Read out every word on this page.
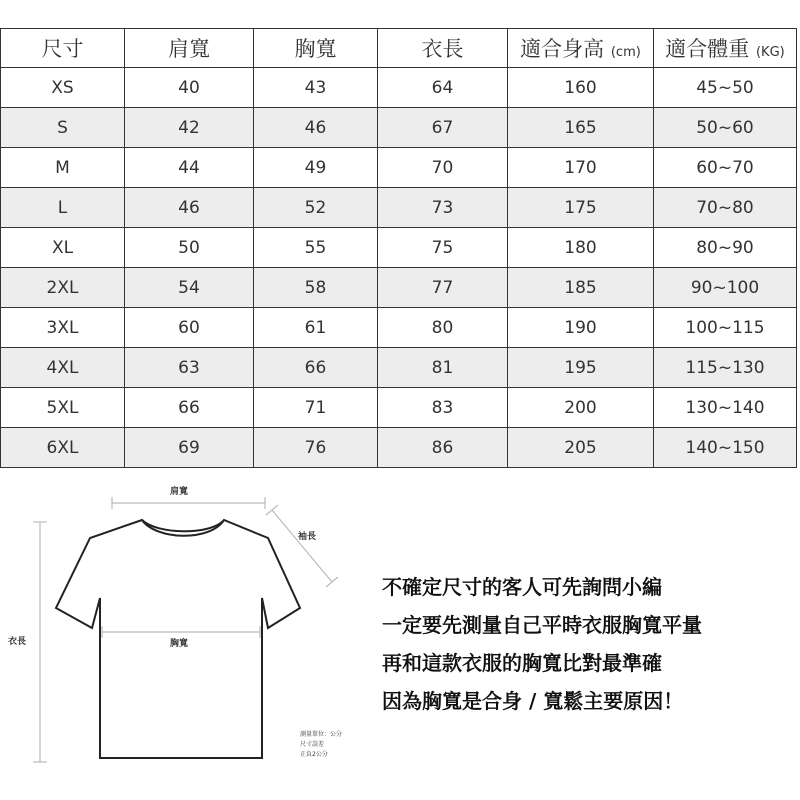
尺寸	肩寬	胸寬	衣長	適合身高 (cm)	適合體重 (KG)
XS	40	43	64	160	45~50
S	42	46	67	165	50~60
M	44	49	70	170	60~70
L	46	52	73	175	70~80
XL	50	55	75	180	80~90
2XL	54	58	77	185	90~100
3XL	60	61	80	190	100~115
4XL	63	66	81	195	115~130
5XL	66	71	83	200	130~140
6XL	69	76	86	205	140~150
肩寬
袖長
衣長	胸寬
測量單位：公分
尺寸誤差
正負2公分
不確定尺寸的客人可先詢問小編
一定要先測量自己平時衣服胸寬平量
再和這款衣服的胸寬比對最準確
因為胸寬是合身 / 寬鬆主要原因！
